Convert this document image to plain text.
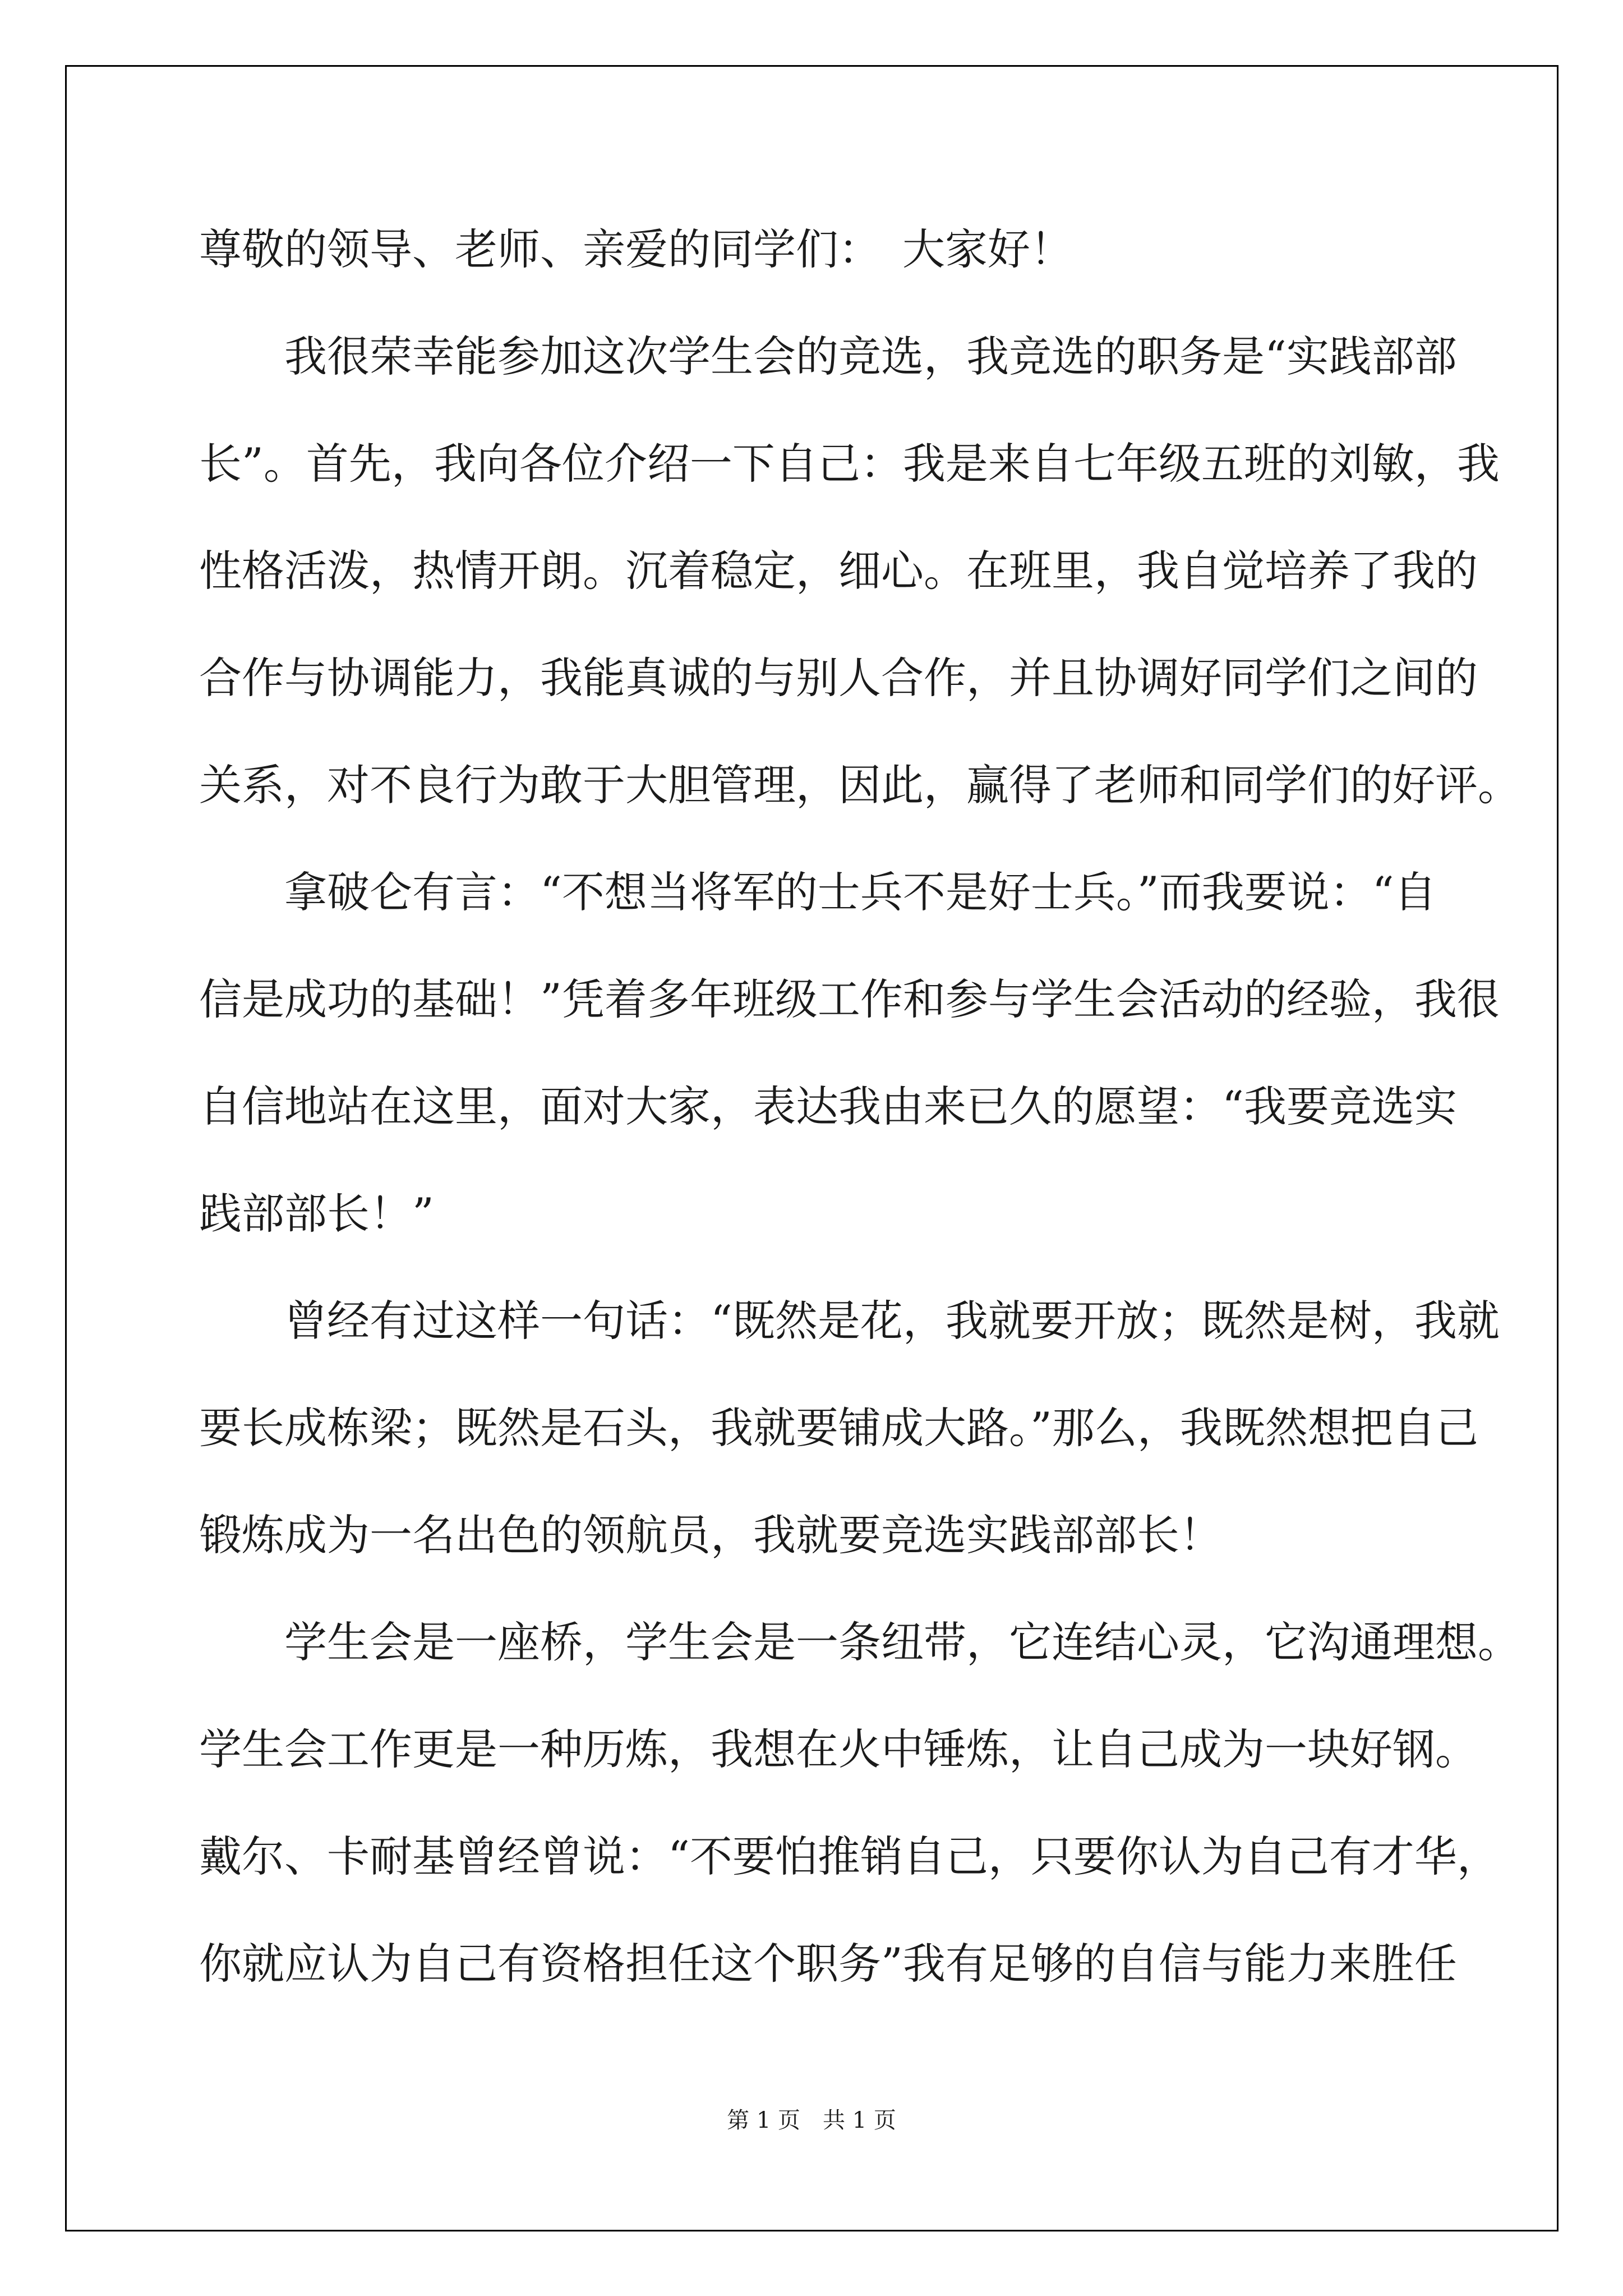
尊敬的领导、老师、亲爱的同学们：　大家好！
我很荣幸能参加这次学生会的竞选，我竞选的职务是“实践部部
长”。首先，我向各位介绍一下自己：我是来自七年级五班的刘敏，我
性格活泼，热情开朗。沉着稳定，细心。在班里，我自觉培养了我的
合作与协调能力，我能真诚的与别人合作，并且协调好同学们之间的
关系，对不良行为敢于大胆管理，因此，赢得了老师和同学们的好评。
拿破仑有言：“不想当将军的士兵不是好士兵。”而我要说：“自
信是成功的基础！”凭着多年班级工作和参与学生会活动的经验，我很
自信地站在这里，面对大家，表达我由来已久的愿望：“我要竞选实
践部部长！”
曾经有过这样一句话：“既然是花，我就要开放；既然是树，我就
要长成栋梁；既然是石头，我就要铺成大路。”那么，我既然想把自己
锻炼成为一名出色的领航员，我就要竞选实践部部长！
学生会是一座桥，学生会是一条纽带，它连结心灵，它沟通理想。
学生会工作更是一种历炼，我想在火中锤炼，让自己成为一块好钢。
戴尔、卡耐基曾经曾说：“不要怕推销自己，只要你认为自己有才华，
你就应认为自己有资格担任这个职务”我有足够的自信与能力来胜任
第 1 页　共 1 页
